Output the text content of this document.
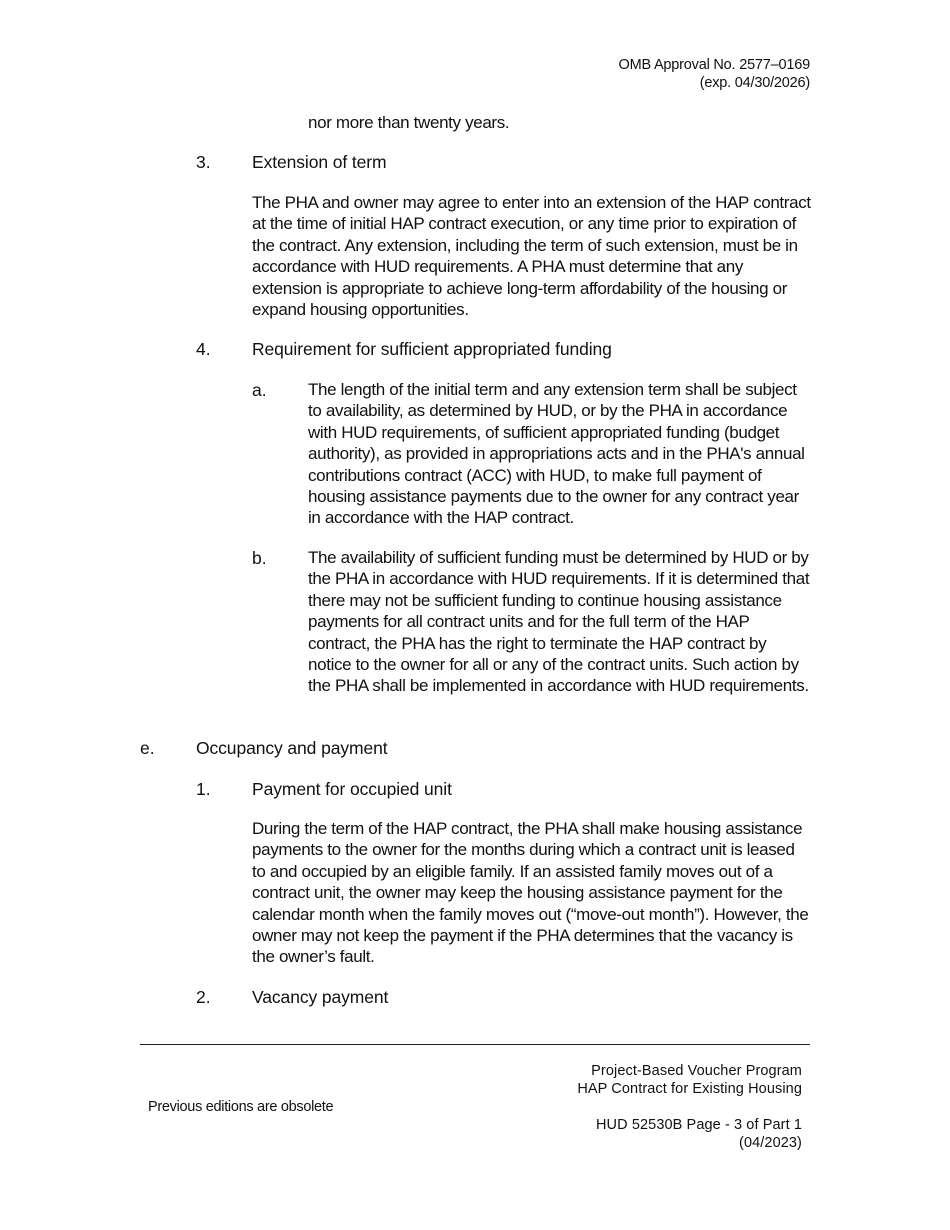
OMB Approval No. 2577–0169
(exp. 04/30/2026)
nor more than twenty years.
3. Extension of term
The PHA and owner may agree to enter into an extension of the HAP contract at the time of initial HAP contract execution, or any time prior to expiration of the contract. Any extension, including the term of such extension, must be in accordance with HUD requirements. A PHA must determine that any extension is appropriate to achieve long-term affordability of the housing or expand housing opportunities.
4. Requirement for sufficient appropriated funding
a. The length of the initial term and any extension term shall be subject to availability, as determined by HUD, or by the PHA in accordance with HUD requirements, of sufficient appropriated funding (budget authority), as provided in appropriations acts and in the PHA's annual contributions contract (ACC) with HUD, to make full payment of housing assistance payments due to the owner for any contract year in accordance with the HAP contract.
b. The availability of sufficient funding must be determined by HUD or by the PHA in accordance with HUD requirements. If it is determined that there may not be sufficient funding to continue housing assistance payments for all contract units and for the full term of the HAP contract, the PHA has the right to terminate the HAP contract by notice to the owner for all or any of the contract units. Such action by the PHA shall be implemented in accordance with HUD requirements.
e. Occupancy and payment
1. Payment for occupied unit
During the term of the HAP contract, the PHA shall make housing assistance payments to the owner for the months during which a contract unit is leased to and occupied by an eligible family. If an assisted family moves out of a contract unit, the owner may keep the housing assistance payment for the calendar month when the family moves out (“move-out month”). However, the owner may not keep the payment if the PHA determines that the vacancy is the owner’s fault.
2. Vacancy payment
Project-Based Voucher Program
HAP Contract for Existing Housing
Previous editions are obsolete
HUD 52530B Page - 3 of Part 1
(04/2023)
